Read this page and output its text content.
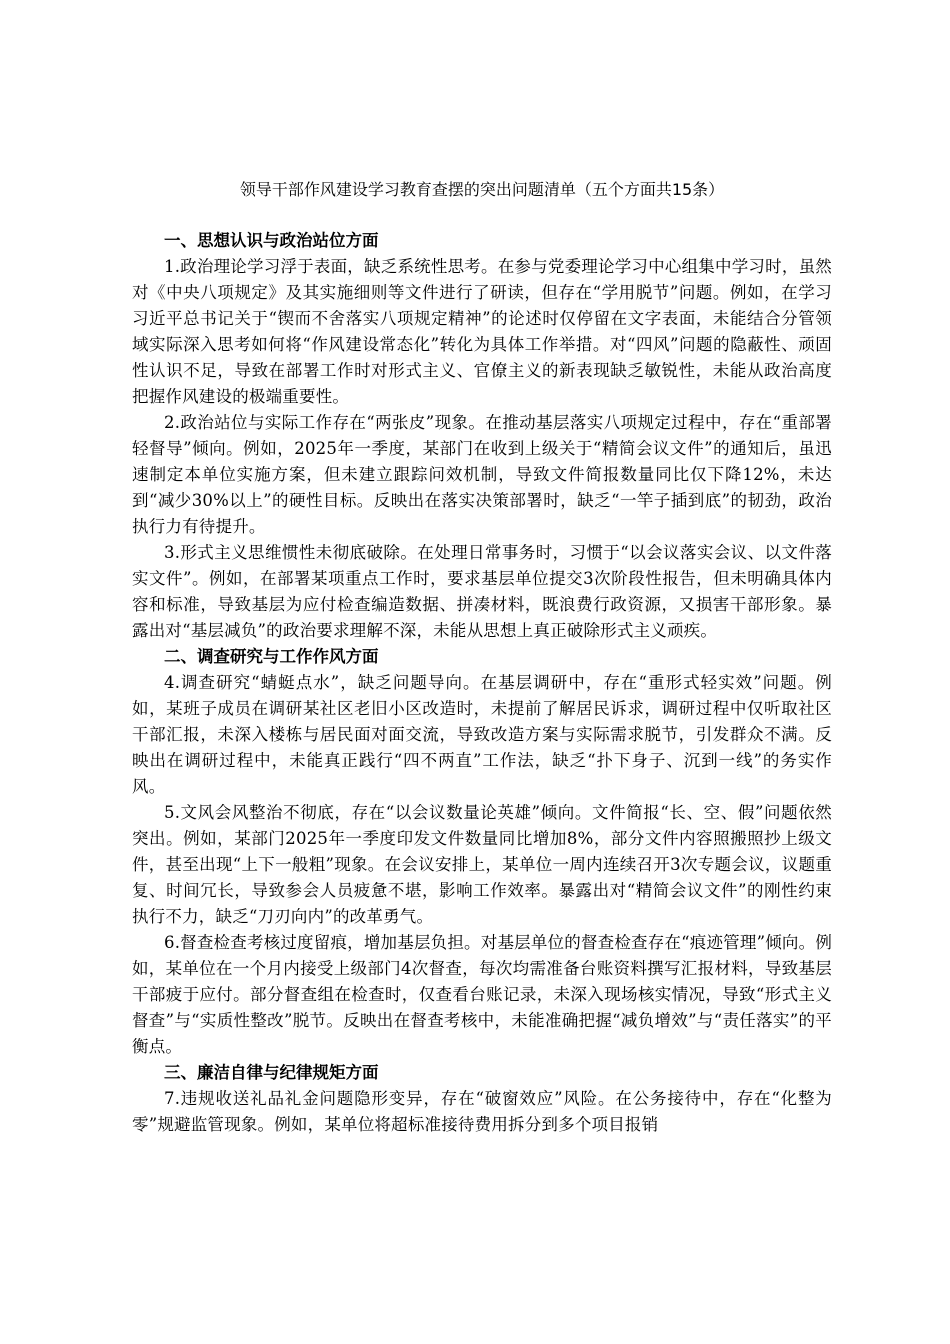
领导干部作风建设学习教育查摆的突出问题清单（五个方面共15条）

一、思想认识与政治站位方面

1.政治理论学习浮于表面，缺乏系统性思考。在参与党委理论学习中心组集中学习时，虽然对《中央八项规定》及其实施细则等文件进行了研读，但存在“学用脱节”问题。例如，在学习习近平总书记关于“锲而不舍落实八项规定精神”的论述时仅停留在文字表面，未能结合分管领域实际深入思考如何将“作风建设常态化”转化为具体工作举措。对“四风”问题的隐蔽性、顽固性认识不足，导致在部署工作时对形式主义、官僚主义的新表现缺乏敏锐性，未能从政治高度把握作风建设的极端重要性。

2.政治站位与实际工作存在“两张皮”现象。在推动基层落实八项规定过程中，存在“重部署轻督导”倾向。例如，2025年一季度，某部门在收到上级关于“精简会议文件”的通知后，虽迅速制定本单位实施方案，但未建立跟踪问效机制，导致文件简报数量同比仅下降12%，未达到“减少30%以上”的硬性目标。反映出在落实决策部署时，缺乏“一竿子插到底”的韧劲，政治执行力有待提升。

3.形式主义思维惯性未彻底破除。在处理日常事务时，习惯于“以会议落实会议、以文件落实文件”。例如，在部署某项重点工作时，要求基层单位提交3次阶段性报告，但未明确具体内容和标准，导致基层为应付检查编造数据、拼凑材料，既浪费行政资源，又损害干部形象。暴露出对“基层减负”的政治要求理解不深，未能从思想上真正破除形式主义顽疾。

二、调查研究与工作作风方面

4.调查研究“蜻蜓点水”，缺乏问题导向。在基层调研中，存在“重形式轻实效”问题。例如，某班子成员在调研某社区老旧小区改造时，未提前了解居民诉求，调研过程中仅听取社区干部汇报，未深入楼栋与居民面对面交流，导致改造方案与实际需求脱节，引发群众不满。反映出在调研过程中，未能真正践行“四不两直”工作法，缺乏“扑下身子、沉到一线”的务实作风。

5.文风会风整治不彻底，存在“以会议数量论英雄”倾向。文件简报“长、空、假”问题依然突出。例如，某部门2025年一季度印发文件数量同比增加8%，部分文件内容照搬照抄上级文件，甚至出现“上下一般粗”现象。在会议安排上，某单位一周内连续召开3次专题会议，议题重复、时间冗长，导致参会人员疲惫不堪，影响工作效率。暴露出对“精简会议文件”的刚性约束执行不力，缺乏“刀刃向内”的改革勇气。

6.督查检查考核过度留痕，增加基层负担。对基层单位的督查检查存在“痕迹管理”倾向。例如，某单位在一个月内接受上级部门4次督查，每次均需准备台账资料撰写汇报材料，导致基层干部疲于应付。部分督查组在检查时，仅查看台账记录，未深入现场核实情况，导致“形式主义督查”与“实质性整改”脱节。反映出在督查考核中，未能准确把握“减负增效”与“责任落实”的平衡点。

三、廉洁自律与纪律规矩方面

7.违规收送礼品礼金问题隐形变异，存在“破窗效应”风险。在公务接待中，存在“化整为零”规避监管现象。例如，某单位将超标准接待费用拆分到多个项目报销
